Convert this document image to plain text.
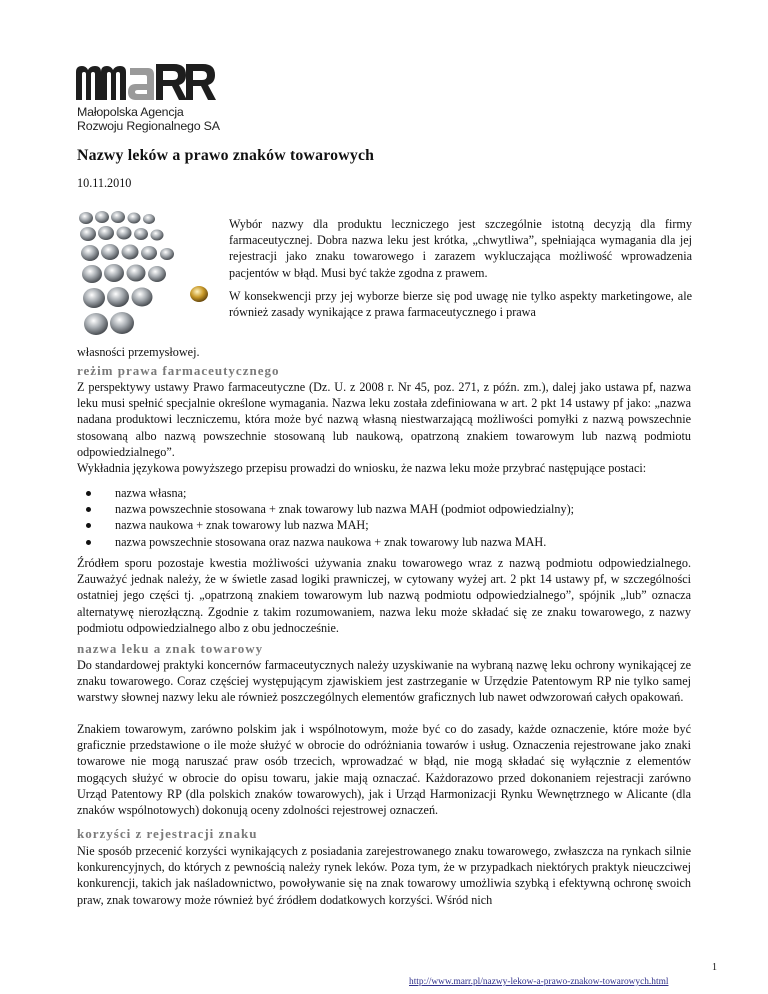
Małopolska Agencja
Rozwoju Regionalnego SA
Nazwy leków a prawo znaków towarowych
10.11.2010

Wybór nazwy dla produktu leczniczego jest szczególnie istotną decyzją dla firmy farmaceutycznej. Dobra nazwa leku jest krótka, „chwytliwa”, spełniająca wymagania dla jej rejestracji jako znaku towarowego i zarazem wykluczająca możliwość wprowadzenia pacjentów w błąd. Musi być także zgodna z prawem.

W konsekwencji przy jej wyborze bierze się pod uwagę nie tylko aspekty marketingowe, ale również zasady wynikające z prawa farmaceutycznego i prawa

własności przemysłowej.
reżim prawa farmaceutycznego

Z perspektywy ustawy Prawo farmaceutyczne (Dz. U. z 2008 r. Nr 45, poz. 271, z późn. zm.), dalej jako ustawa pf, nazwa leku musi spełnić specjalnie określone wymagania. Nazwa leku została zdefiniowana w art. 2 pkt 14 ustawy pf jako: „nazwa nadana produktowi leczniczemu, która może być nazwą własną niestwarzającą możliwości pomyłki z nazwą powszechnie stosowaną albo nazwą powszechnie stosowaną lub naukową, opatrzoną znakiem towarowym lub nazwą podmiotu odpowiedzialnego”.

Wykładnia językowa powyższego przepisu prowadzi do wniosku, że nazwa leku może przybrać następujące postaci:

nazwa własna;
nazwa powszechnie stosowana + znak towarowy lub nazwa MAH (podmiot odpowiedzialny);
nazwa naukowa + znak towarowy lub nazwa MAH;
nazwa powszechnie stosowana oraz nazwa naukowa + znak towarowy lub nazwa MAH.

Źródłem sporu pozostaje kwestia możliwości używania znaku towarowego wraz z nazwą podmiotu odpowiedzialnego. Zauważyć jednak należy, że w świetle zasad logiki prawniczej, w cytowany wyżej art. 2 pkt 14 ustawy pf, w szczególności ostatniej jego części tj. „opatrzoną znakiem towarowym lub nazwą podmiotu odpowiedzialnego”, spójnik „lub” oznacza alternatywę nierozłączną. Zgodnie z takim rozumowaniem, nazwa leku może składać się ze znaku towarowego, z nazwy podmiotu odpowiedzialnego albo z obu jednocześnie.

nazwa leku a znak towarowy

Do standardowej praktyki koncernów farmaceutycznych należy uzyskiwanie na wybraną nazwę leku ochrony wynikającej ze znaku towarowego. Coraz częściej występującym zjawiskiem jest zastrzeganie w Urzędzie Patentowym RP nie tylko samej warstwy słownej nazwy leku ale również poszczególnych elementów graficznych lub nawet odwzorowań całych opakowań.

Znakiem towarowym, zarówno polskim jak i wspólnotowym, może być co do zasady, każde oznaczenie, które może być graficznie przedstawione o ile może służyć w obrocie do odróżniania towarów i usług. Oznaczenia rejestrowane jako znaki towarowe nie mogą naruszać praw osób trzecich, wprowadzać w błąd, nie mogą składać się wyłącznie z elementów mogących służyć w obrocie do opisu towaru, jakie mają oznaczać. Każdorazowo przed dokonaniem rejestracji zarówno Urząd Patentowy RP (dla polskich znaków towarowych), jak i Urząd Harmonizacji Rynku Wewnętrznego w Alicante (dla znaków wspólnotowych) dokonują oceny zdolności rejestrowej oznaczeń.

korzyści z rejestracji znaku

Nie sposób przecenić korzyści wynikających z posiadania zarejestrowanego znaku towarowego, zwłaszcza na rynkach silnie konkurencyjnych, do których z pewnością należy rynek leków. Poza tym, że w przypadkach niektórych praktyk nieuczciwej konkurencji, takich jak naśladownictwo, powoływanie się na znak towarowy umożliwia szybką i efektywną ochronę swoich praw, znak towarowy może również być źródłem dodatkowych korzyści. Wśród nich

1
http://www.marr.pl/nazwy-lekow-a-prawo-znakow-towarowych.html
